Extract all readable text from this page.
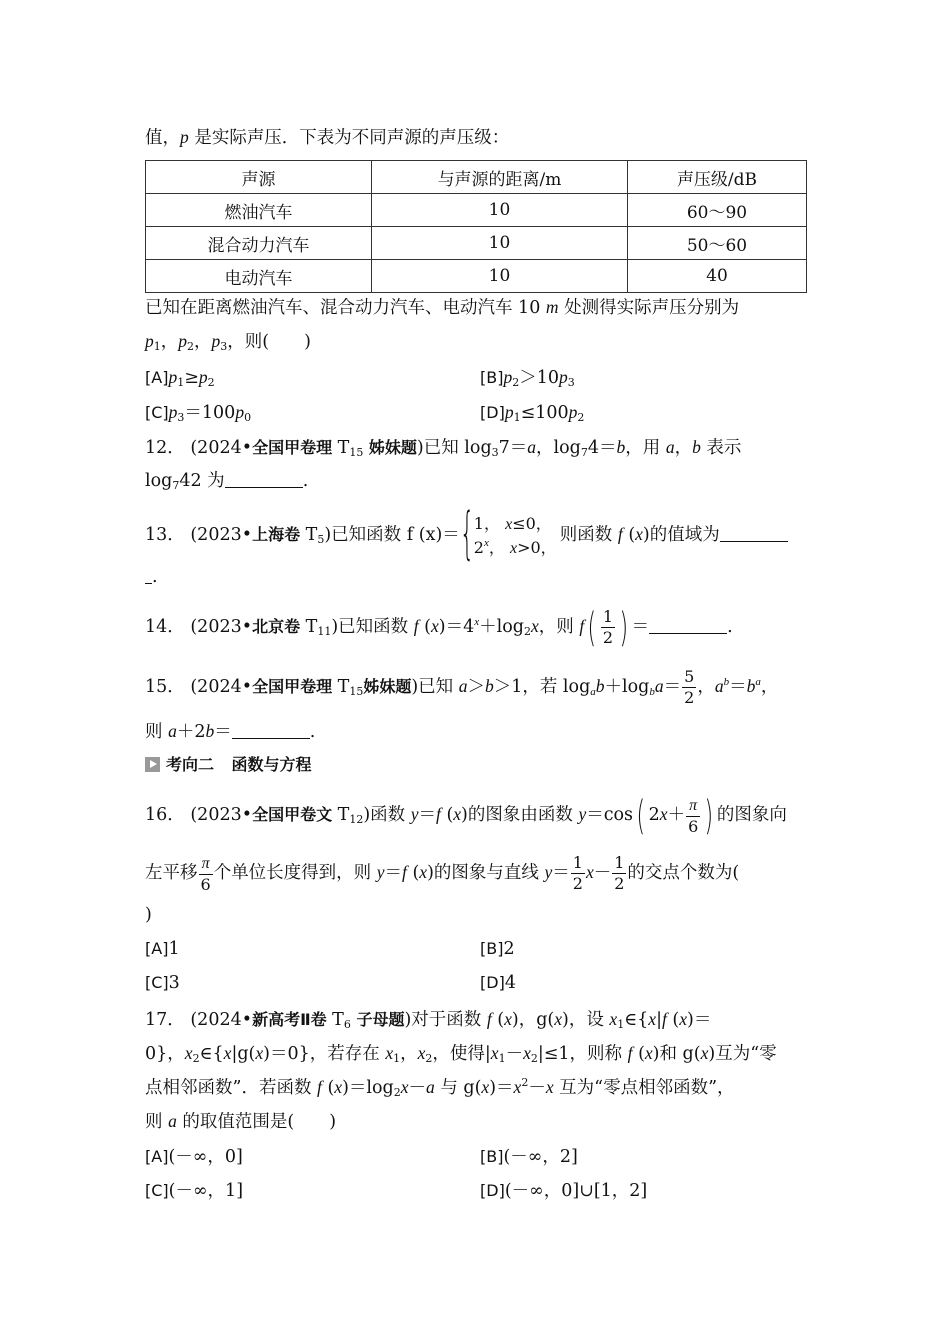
值，p 是实际声压．下表为不同声源的声压级：
声源	与声源的距离/m	声压级/dB
燃油汽车	10	60～90
混合动力汽车	10	50～60
电动汽车	10	40
已知在距离燃油汽车、混合动力汽车、电动汽车 10 m 处测得实际声压分别为
$p_1$，$p_2$，$p_3$，则(　　)
$[A]p_1\ge p_2$	$[B]p_2>10p_3$
$[C]p_3=100p_0$	$[D]p_1\le 100p_2$
12． (2024•全国甲卷理 $T_{15}$ 姊妹题)已知 $\log_37=a$，$\log_74=b$，用 a，b 表示
$\log_742$ 为	.
13． (2023•上海卷 $T_5$)已知函数 f (x)＝ { 1， x≤0，
2$^x$， x>0，
则函数 f (x)的值域为
.
14． (2023•北京卷 $T_{11}$)已知函数 f $(x)=4^x+\log_2x$，则 $f( \frac{1}{2}$ ) ＝	.
15． (2024•全国甲卷理 $T_{15}$姊妹题)已知 a＞b＞1，若 $\log_ab+\log_ba= \frac{5}{2}$ ，$a^b=b^a$，
则 a＋2b＝	.
考向二　 函数与方程
16． (2023•全国甲卷文 $T_{12}$)函数 y＝f (x)的图象由函数 y＝cos( $2x+ \frac{\pi}{6}$ ) 的图象向
左平移 $\frac{\pi}{6}$ 个单位长度得到，则 y＝f (x)的图象与直线 $y= \frac{1}{2} x- \frac{1}{2}$ 的交点个数为(
)
[A]1	[B]2
[C]3	[D]4
17． (2024•新高考Ⅱ卷 $T_6$ 子母题)对于函数 f (x)，g(x)，设 $x_1\in\{x|f$ (x)＝
0}，$x_2\in\{x|g(x)=0\}$，若存在 $x_1$，$x_2$，使得$|x_1-x_2|\le 1$，则称 f (x)和 g(x)互为“零
点相邻函数”．若函数 f $(x)=\log_2x-a$ 与 $g(x)=x^2-x$ 互为“零点相邻函数”，
则 a 的取值范围是(　　)
[A](－∞，0]	[B](－∞，2]
[C](－∞，1]	[D](－∞，0]∪[1，2]
